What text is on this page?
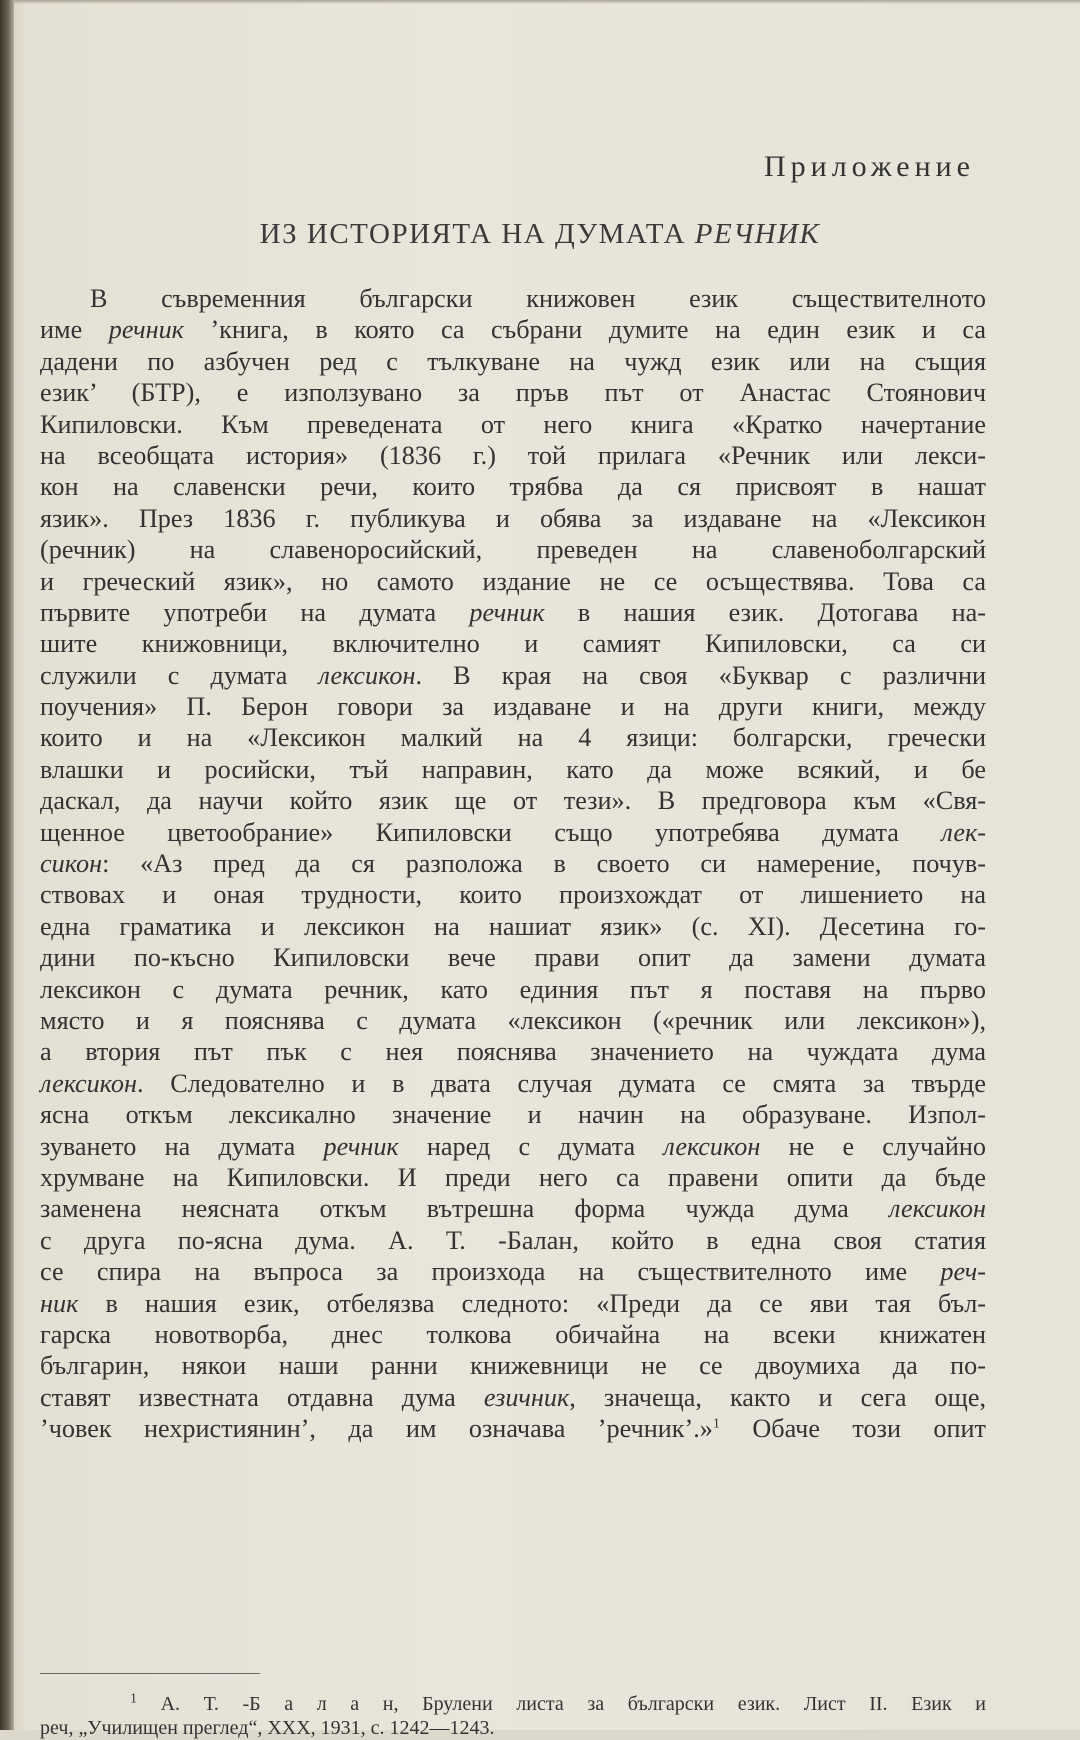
Приложение
ИЗ ИСТОРИЯТА НА ДУМАТА РЕЧНИК
В съвременния български книжовен език съществителното
име речник ’книга, в която са събрани думите на един език и са
дадени по азбучен ред с тълкуване на чужд език или на същия
език’ (БТР), е използувано за пръв път от Анастас Стоянович
Кипиловски. Към преведената от него книга «Кратко начертание
на всеобщата история» (1836 г.) той прилага «Речник или лекси-
кон на славенски речи, които трябва да ся присвоят в нашат
язик». През 1836 г. публикува и обява за издаване на «Лексикон
(речник) на славеноросийский, преведен на славеноболгарский
и греческий язик», но самото издание не се осъществява. Това са
първите употреби на думата речник в нашия език. Дотогава на-
шите книжовници, включително и самият Кипиловски, са си
служили с думата лексикон. В края на своя «Буквар с различни
поучения» П. Берон говори за издаване и на други книги, между
които и на «Лексикон малкий на 4 язици: болгарски, гречески
влашки и росийски, тъй направин, като да може всякий, и бе
даскал, да научи който язик ще от тези». В предговора към «Свя-
щенное цветообрание» Кипиловски също употребява думата лек-
сикон: «Аз пред да ся разположа в своето си намерение, почув-
ствовах и оная трудности, които произхождат от лишението на
една граматика и лексикон на нашиат язик» (с. XI). Десетина го-
дини по-късно Кипиловски вече прави опит да замени думата
лексикон с думата речник, като единия път я поставя на първо
място и я пояснява с думата «лексикон («речник или лексикон»),
а втория път пък с нея пояснява значението на чуждата дума
лексикон. Следователно и в двата случая думата се смята за твърде
ясна откъм лексикално значение и начин на образуване. Изпол-
зуването на думата речник наред с думата лексикон не е случайно
хрумване на Кипиловски. И преди него са правени опити да бъде
заменена неясната откъм вътрешна форма чужда дума лексикон
с друга по-ясна дума. А. Т. -Балан, който в една своя статия
се спира на въпроса за произхода на съществителното име реч-
ник в нашия език, отбелязва следното: «Преди да се яви тая бъл-
гарска новотворба, днес толкова обичайна на всеки книжатен
българин, някои наши ранни книжевници не се двоумиха да по-
ставят известната отдавна дума езичник, значеща, както и сега още,
’човек нехристиянин’, да им означава ’речник’.»$^1$ Обаче този опит
$^1$ А. Т. -Б а л а н, Брулени листа за български език. Лист II. Език и
реч, „Училищен преглед“, XXX, 1931, с. 1242—1243.
